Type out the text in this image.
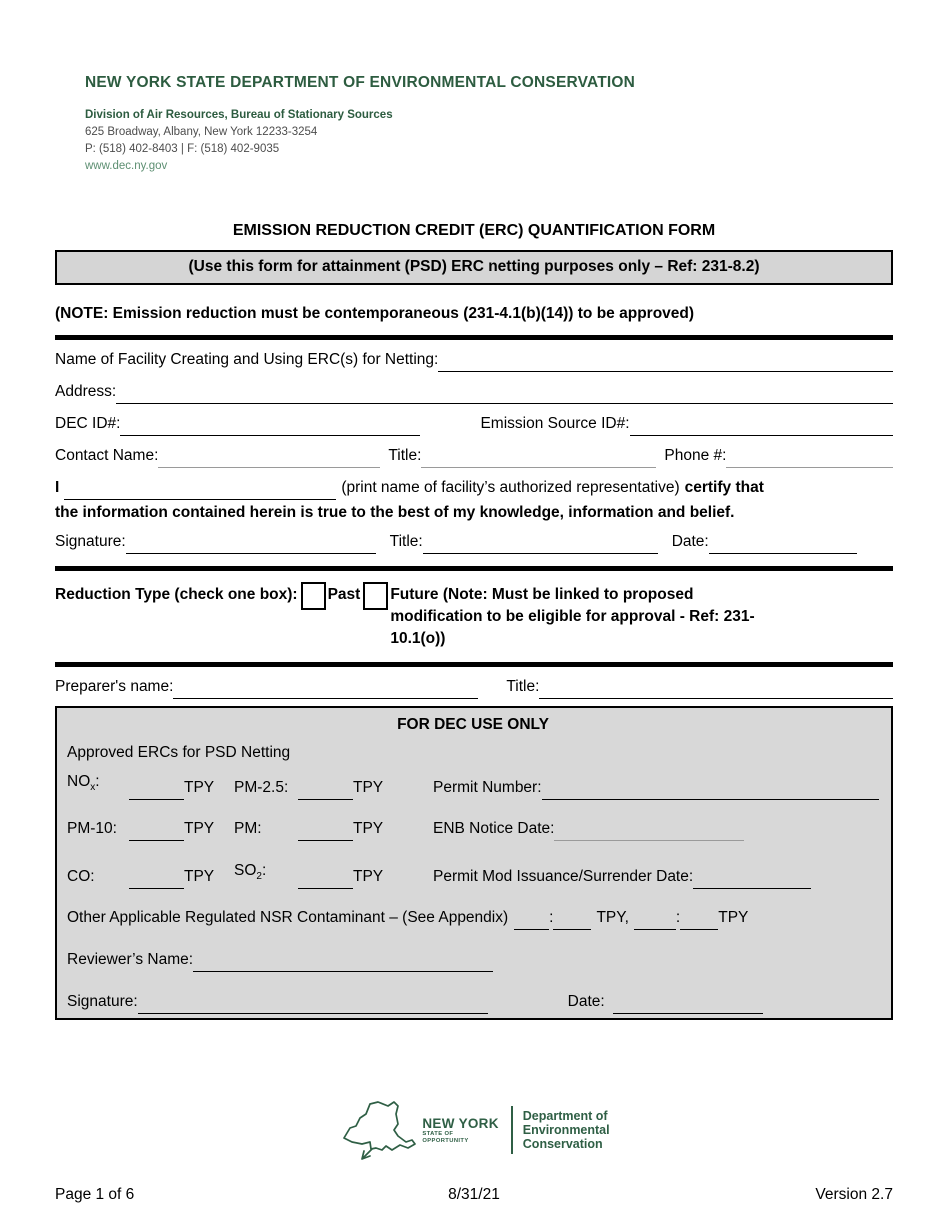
NEW YORK STATE DEPARTMENT OF ENVIRONMENTAL CONSERVATION
Division of Air Resources, Bureau of Stationary Sources
625 Broadway, Albany, New York 12233-3254
P: (518) 402-8403 | F: (518) 402-9035
www.dec.ny.gov
EMISSION REDUCTION CREDIT (ERC) QUANTIFICATION FORM
(Use this form for attainment (PSD) ERC netting purposes only – Ref: 231-8.2)
(NOTE: Emission reduction must be contemporaneous (231-4.1(b)(14)) to be approved)
Name of Facility Creating and Using ERC(s) for Netting:
Address:
DEC ID#:	Emission Source ID#:
Contact Name:	Title:	Phone #:
I	(print name of facility’s authorized representative) certify that
the information contained herein is true to the best of my knowledge, information and belief.
Signature:	Title:	Date:
Reduction Type (check one box): Past Future (Note: Must be linked to proposed
modification to be eligible for approval - Ref: 231-
10.1(o))
Preparer's name:	Title:
FOR DEC USE ONLY
Approved ERCs for PSD Netting
$NO_x$:	TPY	PM-2.5:	TPY	Permit Number:
PM-10:	TPY	PM:	TPY	ENB Notice Date:
CO:	TPY	$SO_2$:	TPY	Permit Mod Issuance/Surrender Date:
Other Applicable Regulated NSR Contaminant – (See Appendix)	:	TPY,	: TPY
Reviewer’s Name:
Signature:	Date:
NEW YORK
STATE OF
OPPORTUNITY
Department of
Environmental
Conservation
Page 1 of 6	8/31/21	Version 2.7
